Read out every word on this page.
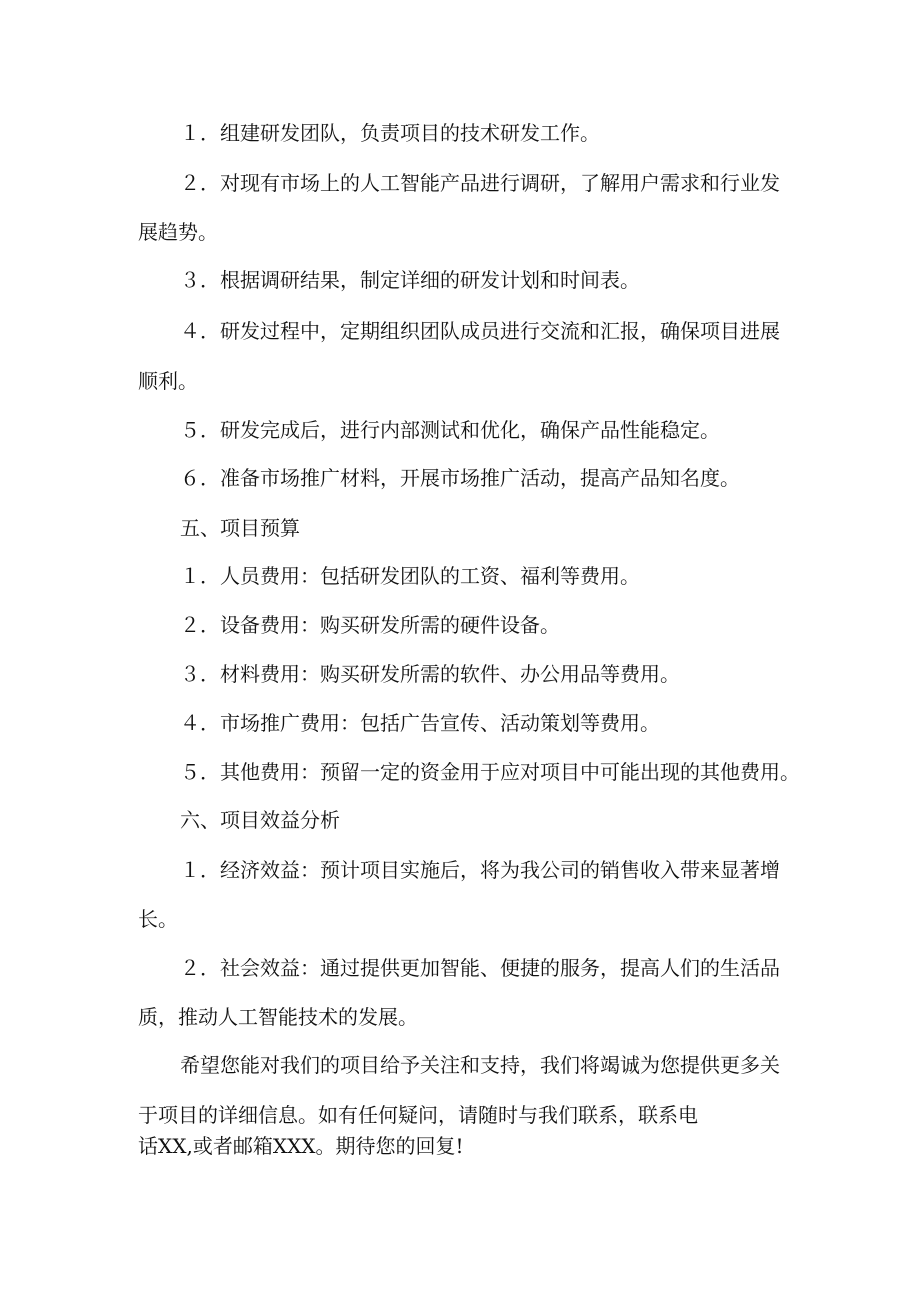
１．组建研发团队，负责项目的技术研发工作。
２．对现有市场上的人工智能产品进行调研，了解用户需求和行业发
展趋势。
３．根据调研结果，制定详细的研发计划和时间表。
４．研发过程中，定期组织团队成员进行交流和汇报，确保项目进展
顺利。
５．研发完成后，进行内部测试和优化，确保产品性能稳定。
６．准备市场推广材料，开展市场推广活动，提高产品知名度。
五、项目预算
１．人员费用：包括研发团队的工资、福利等费用。
２．设备费用：购买研发所需的硬件设备。
３．材料费用：购买研发所需的软件、办公用品等费用。
４．市场推广费用：包括广告宣传、活动策划等费用。
５．其他费用：预留一定的资金用于应对项目中可能出现的其他费用。
六、项目效益分析
１．经济效益：预计项目实施后，将为我公司的销售收入带来显著增
长。
２．社会效益：通过提供更加智能、便捷的服务，提高人们的生活品
质，推动人工智能技术的发展。
希望您能对我们的项目给予关注和支持，我们将竭诚为您提供更多关
于项目的详细信息。如有任何疑问，请随时与我们联系，联系电
话XX,或者邮箱XXX。期待您的回复!
